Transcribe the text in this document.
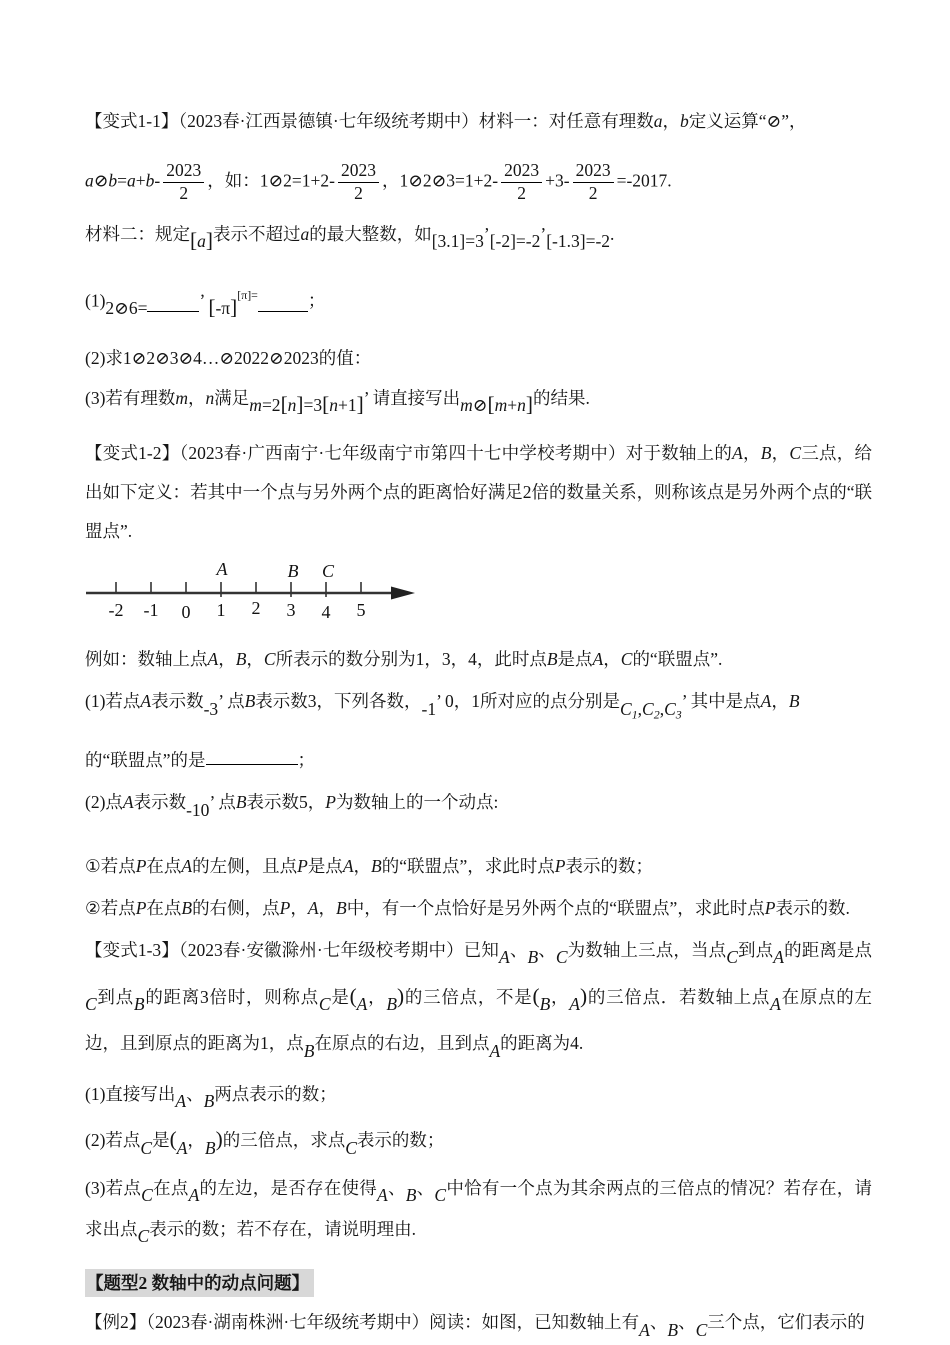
【变式1-1】（2023春·江西景德镇·七年级统考期中）材料一：对任意有理数a，b定义运算“⊘”，
a⊘b=a+b- $\frac{2023}{2}$ ，如：1⊘2=1+2- $\frac{2023}{2}$ ，1⊘2⊘3=1+2- $\frac{2023}{2} +3- \frac{2023}{2} =-2017$.
材料二：规定[a]表示不超过a的最大整数，如[3.1]=3’[-2]=-2’[-1.3]=-2.
(1)2⊘6=	’ $[-\pi]^{[\pi]=}$	；
(2)求1⊘2⊘3⊘4…⊘2022⊘2023的值：
(3)若有理数m，n满足m=2[n]=3[n+1]’ 请直接写出m⊘[m+n]的结果.
【变式1-2】（2023春·广西南宁·七年级南宁市第四十七中学校考期中）对于数轴上的A，B，C三点，给出如下定义：若其中一个点与另外两个点的距离恰好满足2倍的数量关系，则称该点是另外两个点的“联盟点”.
-2 -1 0 1 2 3 4 5
A	B C
例如：数轴上点A，B，C所表示的数分别为1，3，4，此时点B是点A，C的“联盟点”.
(1)若点A表示数-3’ 点B表示数3，下列各数，-1’ 0，1所对应的点分别是$C_1,C_2,C_3$’ 其中是点A，B
的“联盟点”的是	；
(2)点A表示数-10’ 点B表示数5，P为数轴上的一个动点:
①若点P在点A的左侧，且点P是点A，B的“联盟点”，求此时点P表示的数；
②若点P在点B的右侧，点P，A，B中，有一个点恰好是另外两个点的“联盟点”，求此时点P表示的数.
【变式1-3】（2023春·安徽滁州·七年级校考期中）已知A、B、C为数轴上三点，当点C到点A的距离是点C到点B的距离3倍时，则称点C是(A，B)的三倍点，不是(B，A)的三倍点．若数轴上点A在原点的左边，且到原点的距离为1，点B在原点的右边，且到点A的距离为4.
(1)直接写出A、B两点表示的数；
(2)若点C是(A，B)的三倍点，求点C表示的数；
(3)若点C在点A的左边，是否存在使得A、B、C中恰有一个点为其余两点的三倍点的情况？若存在，请求出点C表示的数；若不存在，请说明理由.
【题型2 数轴中的动点问题】
【例2】（2023春·湖南株洲·七年级统考期中）阅读：如图，已知数轴上有A、B、C三个点，它们表示的
